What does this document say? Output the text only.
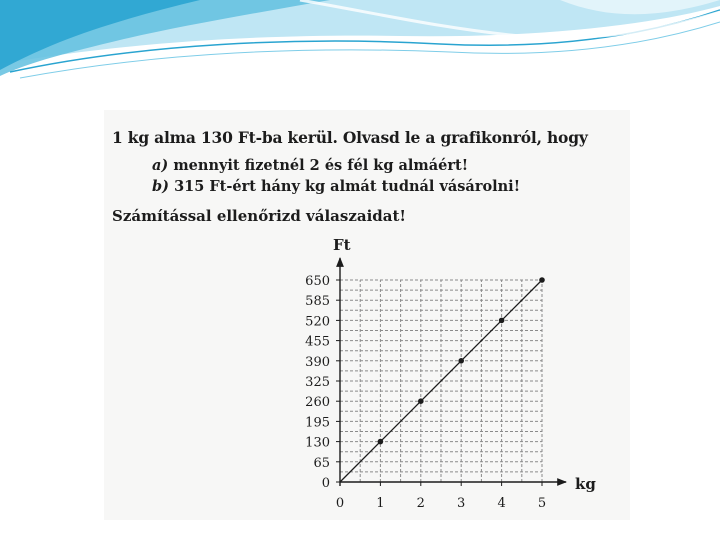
1 kg alma 130 Ft-ba kerül. Olvasd le a grafikonról, hogy

a) mennyit fizetnél 2 és fél kg almáért!

b) 315 Ft-ért hány kg almát tudnál vásárolni!

Számítással ellenőrizd válaszaidat!

0
65
130
195
260
325
390
455
520
585
650
0 1 2 3 4 5
kg
Ft
